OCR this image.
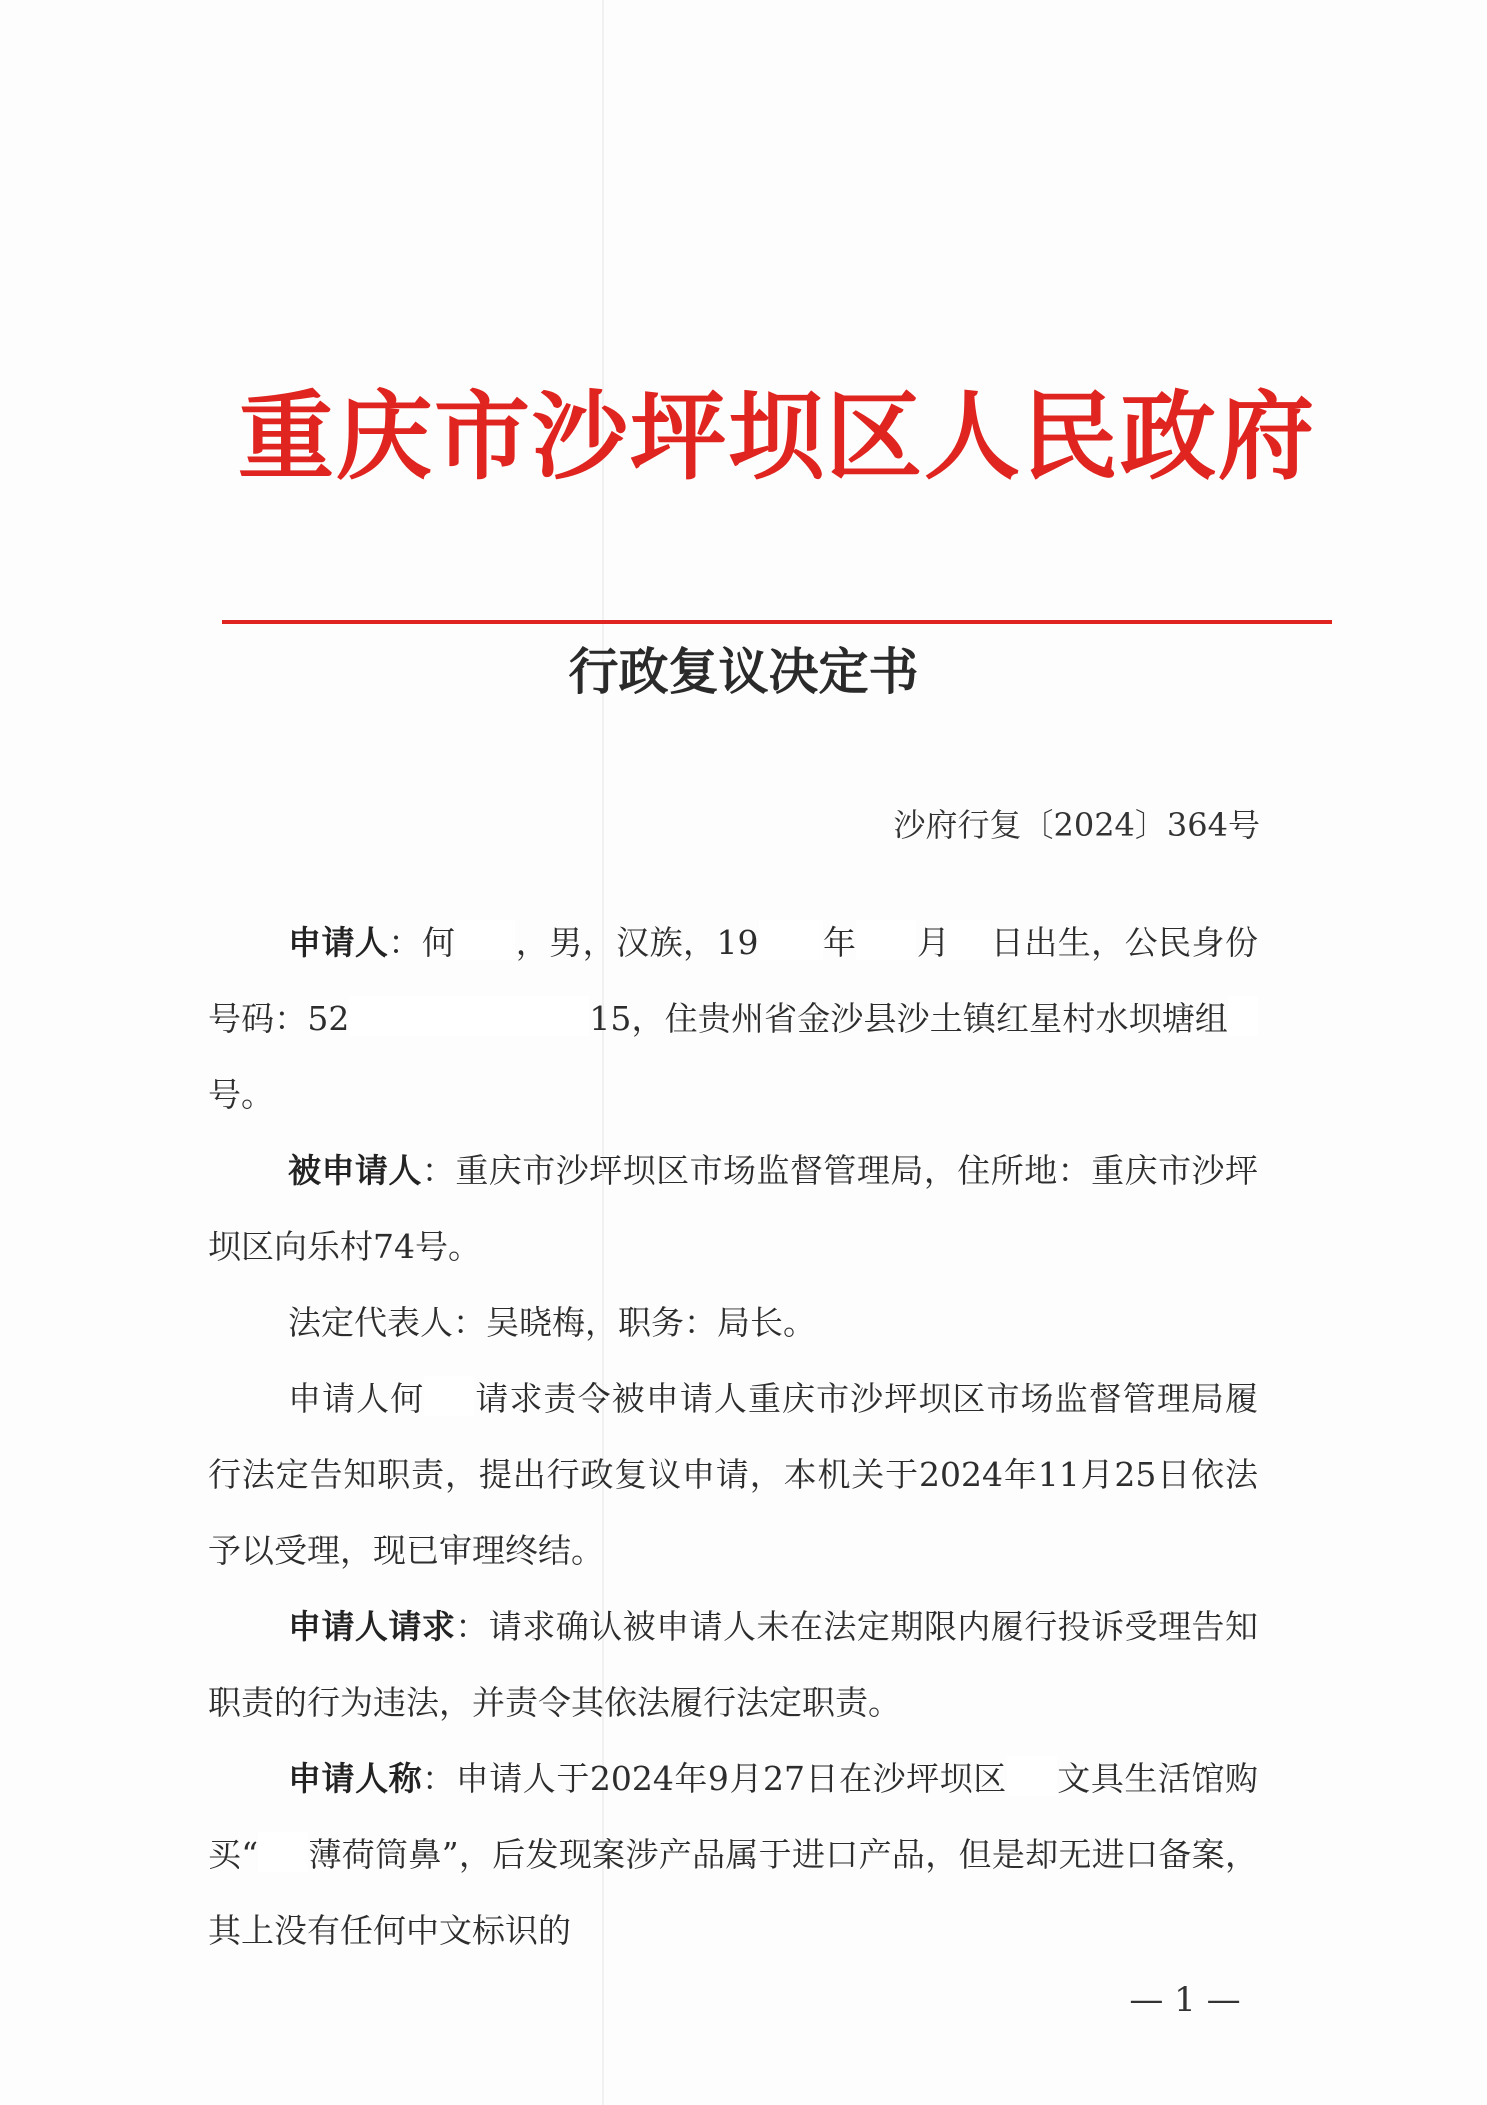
重庆市沙坪坝区人民政府
行政复议决定书
沙府行复〔2024〕364号

申请人：何 ，男，汉族，19 年 月 日出生，公民身份号码：52	15，住贵州省金沙县沙土镇红星村水坝塘组号。

被申请人：重庆市沙坪坝区市场监督管理局，住所地：重庆市沙坪坝区向乐村74号。

法定代表人：吴晓梅，职务：局长。

申请人何 请求责令被申请人重庆市沙坪坝区市场监督管理局履行法定告知职责，提出行政复议申请，本机关于2024年11月25日依法予以受理，现已审理终结。

申请人请求：请求确认被申请人未在法定期限内履行投诉受理告知职责的行为违法，并责令其依法履行法定职责。

申请人称：申请人于2024年9月27日在沙坪坝区 文具生活馆购买“ 薄荷筒鼻”，后发现案涉产品属于进口产品，但是却无进口备案，其上没有任何中文标识的

— 1 —
